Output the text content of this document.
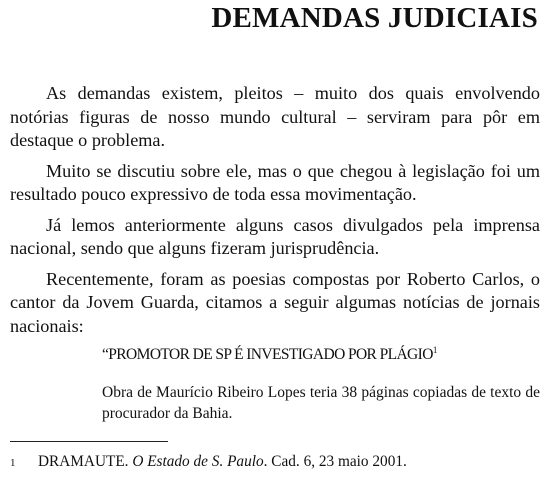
DEMANDAS JUDICIAIS

As demandas existem, pleitos – muito dos quais envolvendo notórias figuras de nosso mundo cultural – serviram para pôr em destaque o problema.

Muito se discutiu sobre ele, mas o que chegou à legislação foi um resultado pouco expressivo de toda essa movimentação.

Já lemos anteriormente alguns casos divulgados pela imprensa nacional, sendo que alguns fizeram jurisprudência.

Recentemente, foram as poesias compostas por Roberto Carlos, o cantor da Jovem Guarda, citamos a seguir algumas notícias de jornais nacionais:

“PROMOTOR DE SP É INVESTIGADO POR PLÁGIO$^1$

Obra de Maurício Ribeiro Lopes teria 38 páginas copiadas de texto de procurador da Bahia.

1 DRAMAUTE. O Estado de S. Paulo. Cad. 6, 23 maio 2001.
